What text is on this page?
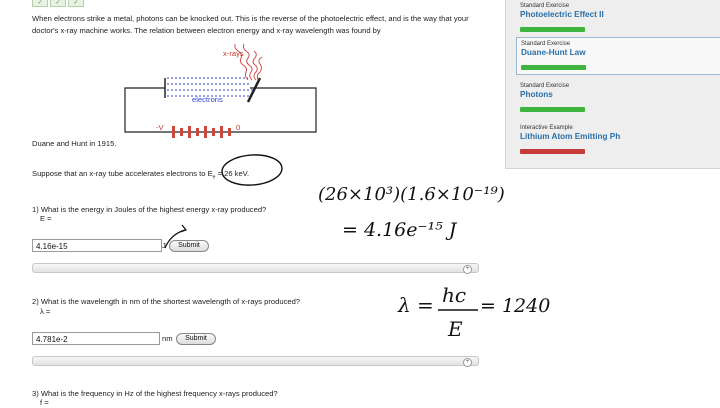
✓	✓	✓
When electrons strike a metal, photons can be knocked out. This is the reverse of the photoelectric effect, and is the way that your doctor's x-ray machine works. The relation between electron energy and x-ray wavelength was found by
x-rays
electrons
-V	0
Duane and Hunt in 1915.
Suppose that an x-ray tube accelerates electrons to $E_e = 26$ keV.
1) What is the energy in Joules of the highest energy x-ray produced?
E =
4.16e-15	J	Submit
+
2) What is the wavelength in nm of the shortest wavelength of x-rays produced?
λ =
4.781e-2	nm	Submit
+
3) What is the frequency in Hz of the highest frequency x-rays produced?
f =
Standard Exercise
Photoelectric Effect II
Standard Exercise
Duane-Hunt Law
Standard Exercise
Photons
Interactive Example
Lithium Atom Emitting Ph
(26×10³)(1.6×10⁻¹⁹)
= 4.16e⁻¹⁵ J
λ = hc
E
= 1240
